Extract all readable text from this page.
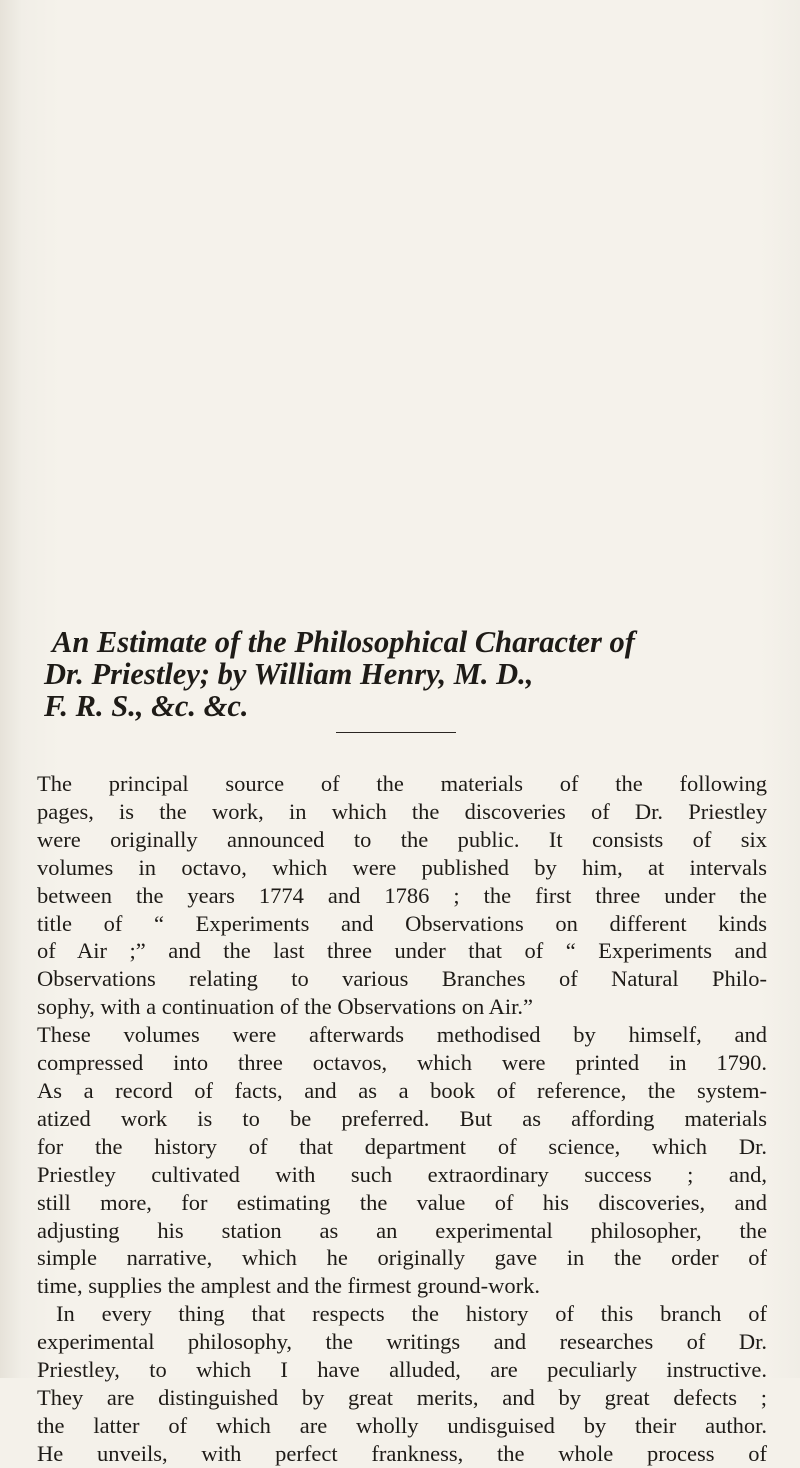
An Estimate of the Philosophical Character of
Dr. Priestley; by William Henry, M. D.,
F. R. S., &c. &c.
The principal source of the materials of the following
pages, is the work, in which the discoveries of Dr. Priestley
were originally announced to the public. It consists of six
volumes in octavo, which were published by him, at intervals
between the years 1774 and 1786 ; the first three under the
title of “ Experiments and Observations on different kinds
of Air ;” and the last three under that of “ Experiments and
Observations relating to various Branches of Natural Philo-
sophy, with a continuation of the Observations on Air.”
These volumes were afterwards methodised by himself, and
compressed into three octavos, which were printed in 1790.
As a record of facts, and as a book of reference, the system-
atized work is to be preferred. But as affording materials
for the history of that department of science, which Dr.
Priestley cultivated with such extraordinary success ; and,
still more, for estimating the value of his discoveries, and
adjusting his station as an experimental philosopher, the
simple narrative, which he originally gave in the order of
time, supplies the amplest and the firmest ground-work.
In every thing that respects the history of this branch of
experimental philosophy, the writings and researches of Dr.
Priestley, to which I have alluded, are peculiarly instructive.
They are distinguished by great merits, and by great defects ;
the latter of which are wholly undisguised by their author.
He unveils, with perfect frankness, the whole process of
